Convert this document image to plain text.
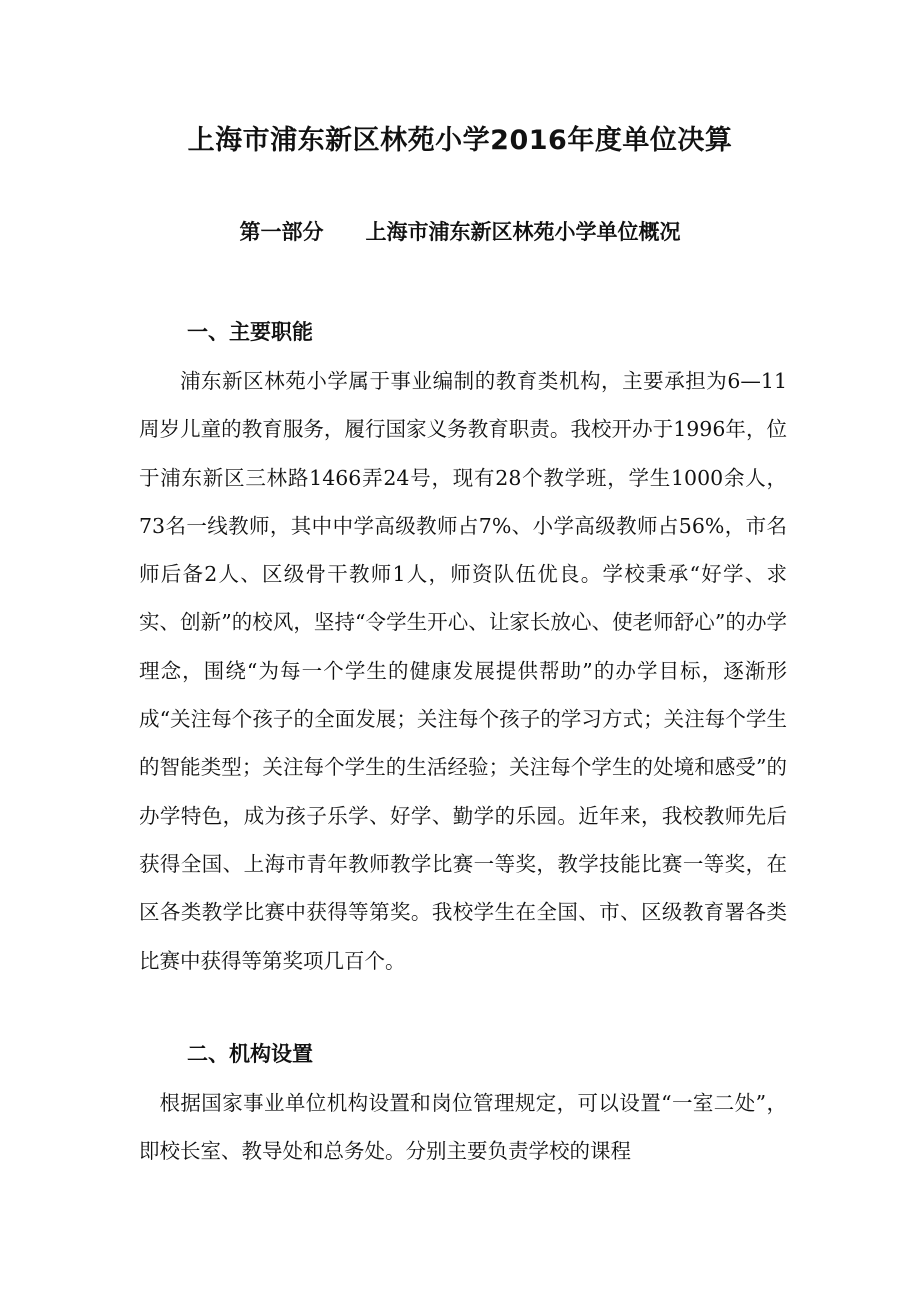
上海市浦东新区林苑小学2016年度单位决算
第一部分　　上海市浦东新区林苑小学单位概况
一、主要职能

浦东新区林苑小学属于事业编制的教育类机构，主要承担为6—11周岁儿童的教育服务，履行国家义务教育职责。我校开办于1996年，位于浦东新区三林路1466弄24号，现有28个教学班，学生1000余人，73名一线教师，其中中学高级教师占7%、小学高级教师占56%，市名师后备2人、区级骨干教师1人，师资队伍优良。学校秉承“好学、求实、创新”的校风，坚持“令学生开心、让家长放心、使老师舒心”的办学理念，围绕“为每一个学生的健康发展提供帮助”的办学目标，逐渐形成“关注每个孩子的全面发展；关注每个孩子的学习方式；关注每个学生的智能类型；关注每个学生的生活经验；关注每个学生的处境和感受”的办学特色，成为孩子乐学、好学、勤学的乐园。近年来，我校教师先后获得全国、上海市青年教师教学比赛一等奖，教学技能比赛一等奖，在区各类教学比赛中获得等第奖。我校学生在全国、市、区级教育署各类比赛中获得等第奖项几百个。

二、机构设置

根据国家事业单位机构设置和岗位管理规定，可以设置“一室二处”，即校长室、教导处和总务处。分别主要负责学校的课程
